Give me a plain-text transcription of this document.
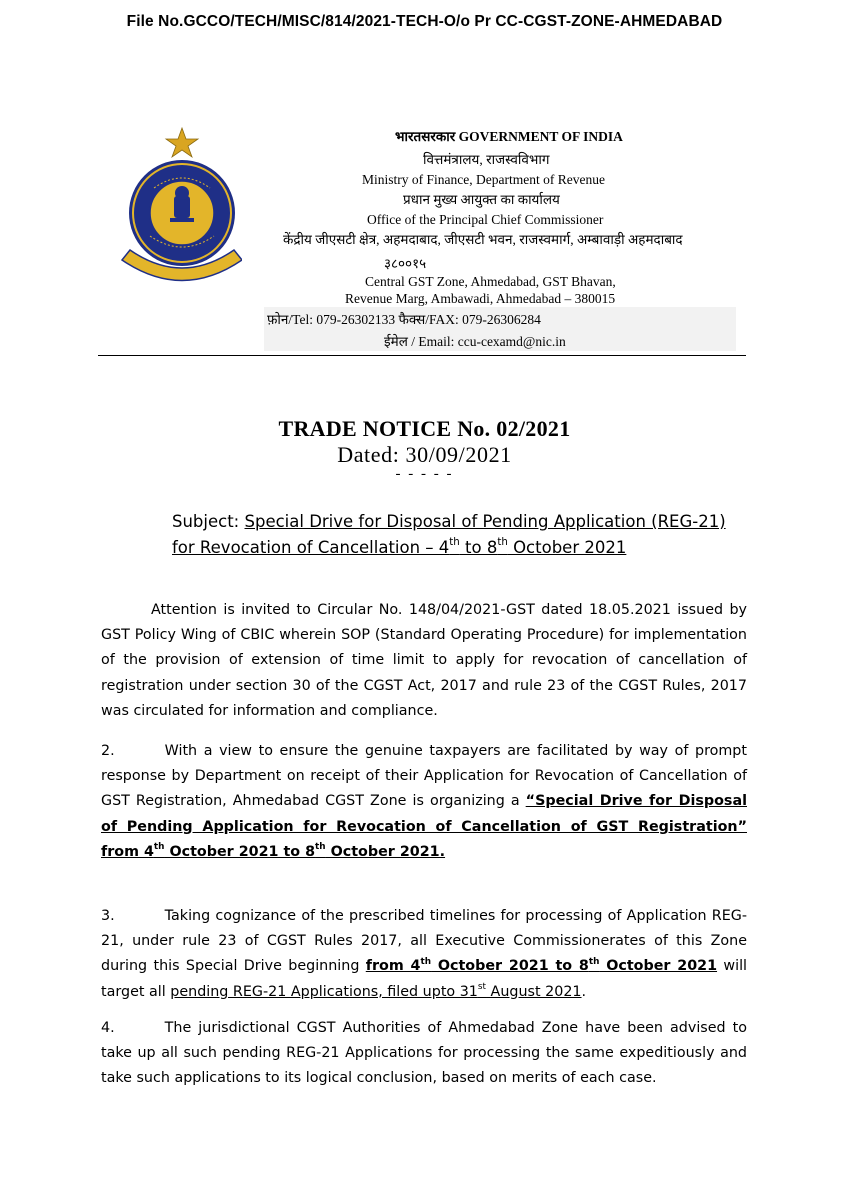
File No.GCCO/TECH/MISC/814/2021-TECH-O/o Pr CC-CGST-ZONE-AHMEDABAD
भारतसरकार GOVERNMENT OF INDIA
वित्तमंत्रालय, राजस्वविभाग
Ministry of Finance, Department of Revenue
प्रधान मुख्य आयुक्त का कार्यालय
Office of the Principal Chief Commissioner
केंद्रीय जीएसटी क्षेत्र, अहमदाबाद, जीएसटी भवन, राजस्वमार्ग, अम्बावाड़ी अहमदाबाद
३८००१५
Central GST Zone, Ahmedabad, GST Bhavan,
Revenue Marg, Ambawadi, Ahmedabad – 380015
फ़ोन/Tel: 079-26302133 फैक्स/FAX: 079-26306284
ईमेल / Email: ccu-cexamd@nic.in
TRADE NOTICE No. 02/2021
Dated: 30/09/2021
- - - - -
Subject: Special Drive for Disposal of Pending Application (REG-21) for Revocation of Cancellation – 4th to 8th October 2021

Attention is invited to Circular No. 148/04/2021-GST dated 18.05.2021 issued by GST Policy Wing of CBIC wherein SOP (Standard Operating Procedure) for implementation of the provision of extension of time limit to apply for revocation of cancellation of registration under section 30 of the CGST Act, 2017 and rule 23 of the CGST Rules, 2017 was circulated for information and compliance.

2.	With a view to ensure the genuine taxpayers are facilitated by way of prompt response by Department on receipt of their Application for Revocation of Cancellation of GST Registration, Ahmedabad CGST Zone is organizing a “Special Drive for Disposal of Pending Application for Revocation of Cancellation of GST Registration” from 4th October 2021 to 8th October 2021.

3.	Taking cognizance of the prescribed timelines for processing of Application REG-21, under rule 23 of CGST Rules 2017, all Executive Commissionerates of this Zone during this Special Drive beginning from 4th October 2021 to 8th October 2021 will target all pending REG-21 Applications, filed upto 31st August 2021.

4.	The jurisdictional CGST Authorities of Ahmedabad Zone have been advised to take up all such pending REG-21 Applications for processing the same expeditiously and take such applications to its logical conclusion, based on merits of each case.
